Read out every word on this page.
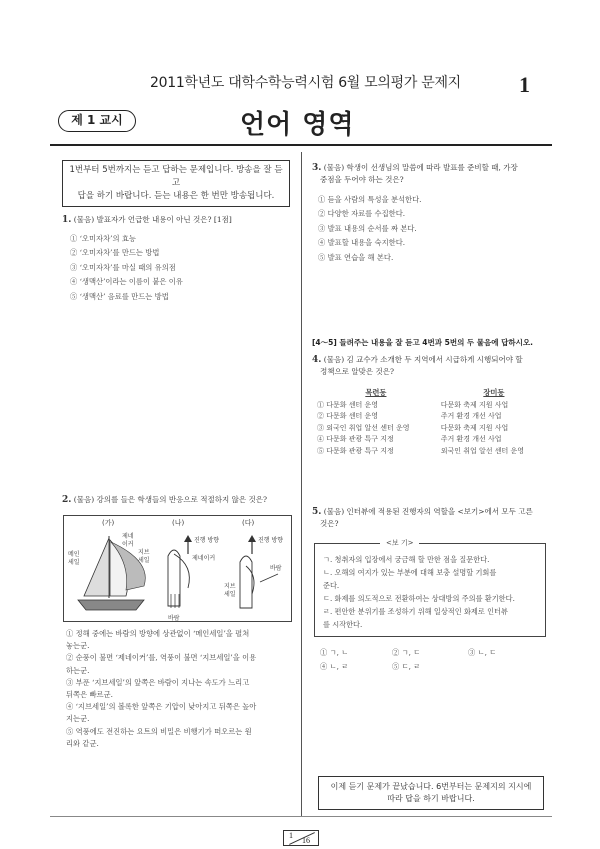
2011학년도 대학수학능력시험 6월 모의평가 문제지	1
제 1 교시	언어 영역
1번부터 5번까지는 듣고 답하는 문제입니다. 방송을 잘 듣고
답을 하기 바랍니다. 듣는 내용은 한 번만 방송됩니다.
1. (물음) 발표자가 언급한 내용이 아닌 것은? [1점]
① ‘오미자차’의 효능
② ‘오미자차’를 만드는 방법
③ ‘오미자차’를 마실 때의 유의점
④ ‘생맥산’이라는 이름이 붙은 이유
⑤ ‘생맥산’ 음료를 만드는 방법
2. (물음) 강의를 들은 학생들의 반응으로 적절하지 않은 것은?
(가)	(나)	(다)
메인
세일
제네
이커
지브
세일
진행 방향
제네이커
바람
진행 방향
바람
지브
세일
① 정해 중에는 바람의 방향에 상관없이 ‘메인세일’을 펼쳐
놓는군.
② 순풍이 불면 ‘제네이커’를, 역풍이 불면 ‘지브세일’을 이용
하는군.
③ 부푼 ‘지브세일’의 앞쪽은 바람이 지나는 속도가 느리고
뒤쪽은 빠르군.
④ ‘지브세일’의 볼록한 앞쪽은 기압이 낮아지고 뒤쪽은 높아
지는군.
⑤ 역풍에도 전진하는 요트의 비밀은 비행기가 떠오르는 원
리와 같군.
3. (물음) 학생이 선생님의 말씀에 따라 발표를 준비할 때, 가장
중점을 두어야 하는 것은?
① 듣을 사람의 특성을 분석한다.
② 다양한 자료를 수집한다.
③ 발표 내용의 순서를 짜 본다.
④ 발표할 내용을 숙지한다.
⑤ 발표 연습을 해 본다.
[4～5] 들려주는 내용을 잘 듣고 4번과 5번의 두 물음에 답하시오.
4. (물음) 김 교수가 소개한 두 지역에서 시급하게 시행되어야 할
정책으로 알맞은 것은?
목련동	장미동
① 다문화 센터 운영	다문화 축제 지원 사업
② 다문화 센터 운영	주거 환경 개선 사업
③ 외국인 취업 알선 센터 운영	다문화 축제 지원 사업
④ 다문화 관광 특구 지정	주거 환경 개선 사업
⑤ 다문화 관광 특구 지정	외국인 취업 알선 센터 운영
5. (물음) 인터뷰에 적용된 진행자의 역할을 <보기>에서 모두 고른
것은?
ㄱ. 청취자의 입장에서 궁금해 할 만한 점을 질문한다.
ㄴ. 오해의 여지가 있는 부분에 대해 보충 설명할 기회를
준다.
ㄷ. 화제를 의도적으로 전환하여는 상대방의 주의를 환기한다.
ㄹ. 편안한 분위기를 조성하기 위해 일상적인 화제로 인터뷰
를 시작한다.
<보 기>
① ㄱ, ㄴ	② ㄱ, ㄷ	③ ㄴ, ㄷ
④ ㄴ, ㄹ	⑤ ㄷ, ㄹ
이제 듣기 문제가 끝났습니다. 6번부터는 문제지의 지시에
따라 답을 하기 바랍니다.
1
16
